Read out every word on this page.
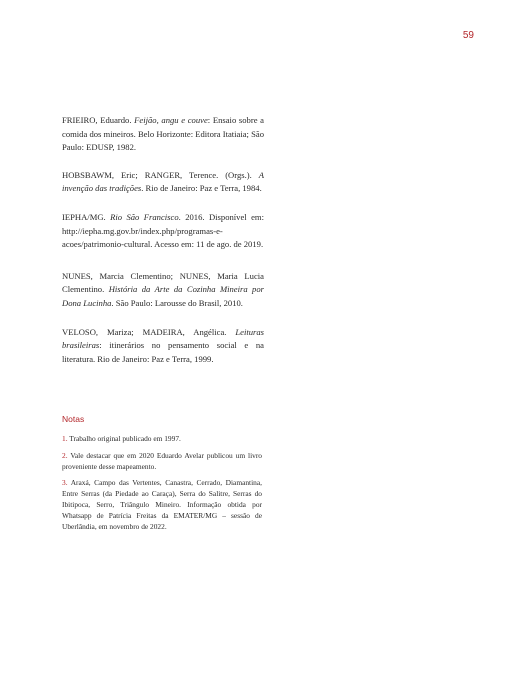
59

FRIEIRO, Eduardo. Feijão, angu e couve: Ensaio sobre a comida dos mineiros. Belo Horizonte: Editora Itatiaia; São Paulo: EDUSP, 1982.

HOBSBAWM, Eric; RANGER, Terence. (Orgs.). A invenção das tradições. Rio de Janeiro: Paz e Terra, 1984.

IEPHA/MG. Rio São Francisco. 2016. Disponível em: http://iepha.mg.gov.br/index.php/programas-e-acoes/patrimonio-cultural. Acesso em: 11 de ago. de 2019.

NUNES, Marcia Clementino; NUNES, Maria Lucia Clementino. História da Arte da Cozinha Mineira por Dona Lucinha. São Paulo: Larousse do Brasil, 2010.

VELOSO, Mariza; MADEIRA, Angélica. Leituras brasileiras: itinerários no pensamento social e na literatura. Rio de Janeiro: Paz e Terra, 1999.

Notas

1. Trabalho original publicado em 1997.

2. Vale destacar que em 2020 Eduardo Avelar publicou um livro proveniente desse mapeamento.

3. Araxá, Campo das Vertentes, Canastra, Cerrado, Diamantina, Entre Serras (da Piedade ao Caraça), Serra do Salitre, Serras do Ibitipoca, Serro, Triângulo Mineiro. Informação obtida por Whatsapp de Patrícia Freitas da EMATER/MG – sessão de Uberlândia, em novembro de 2022.
